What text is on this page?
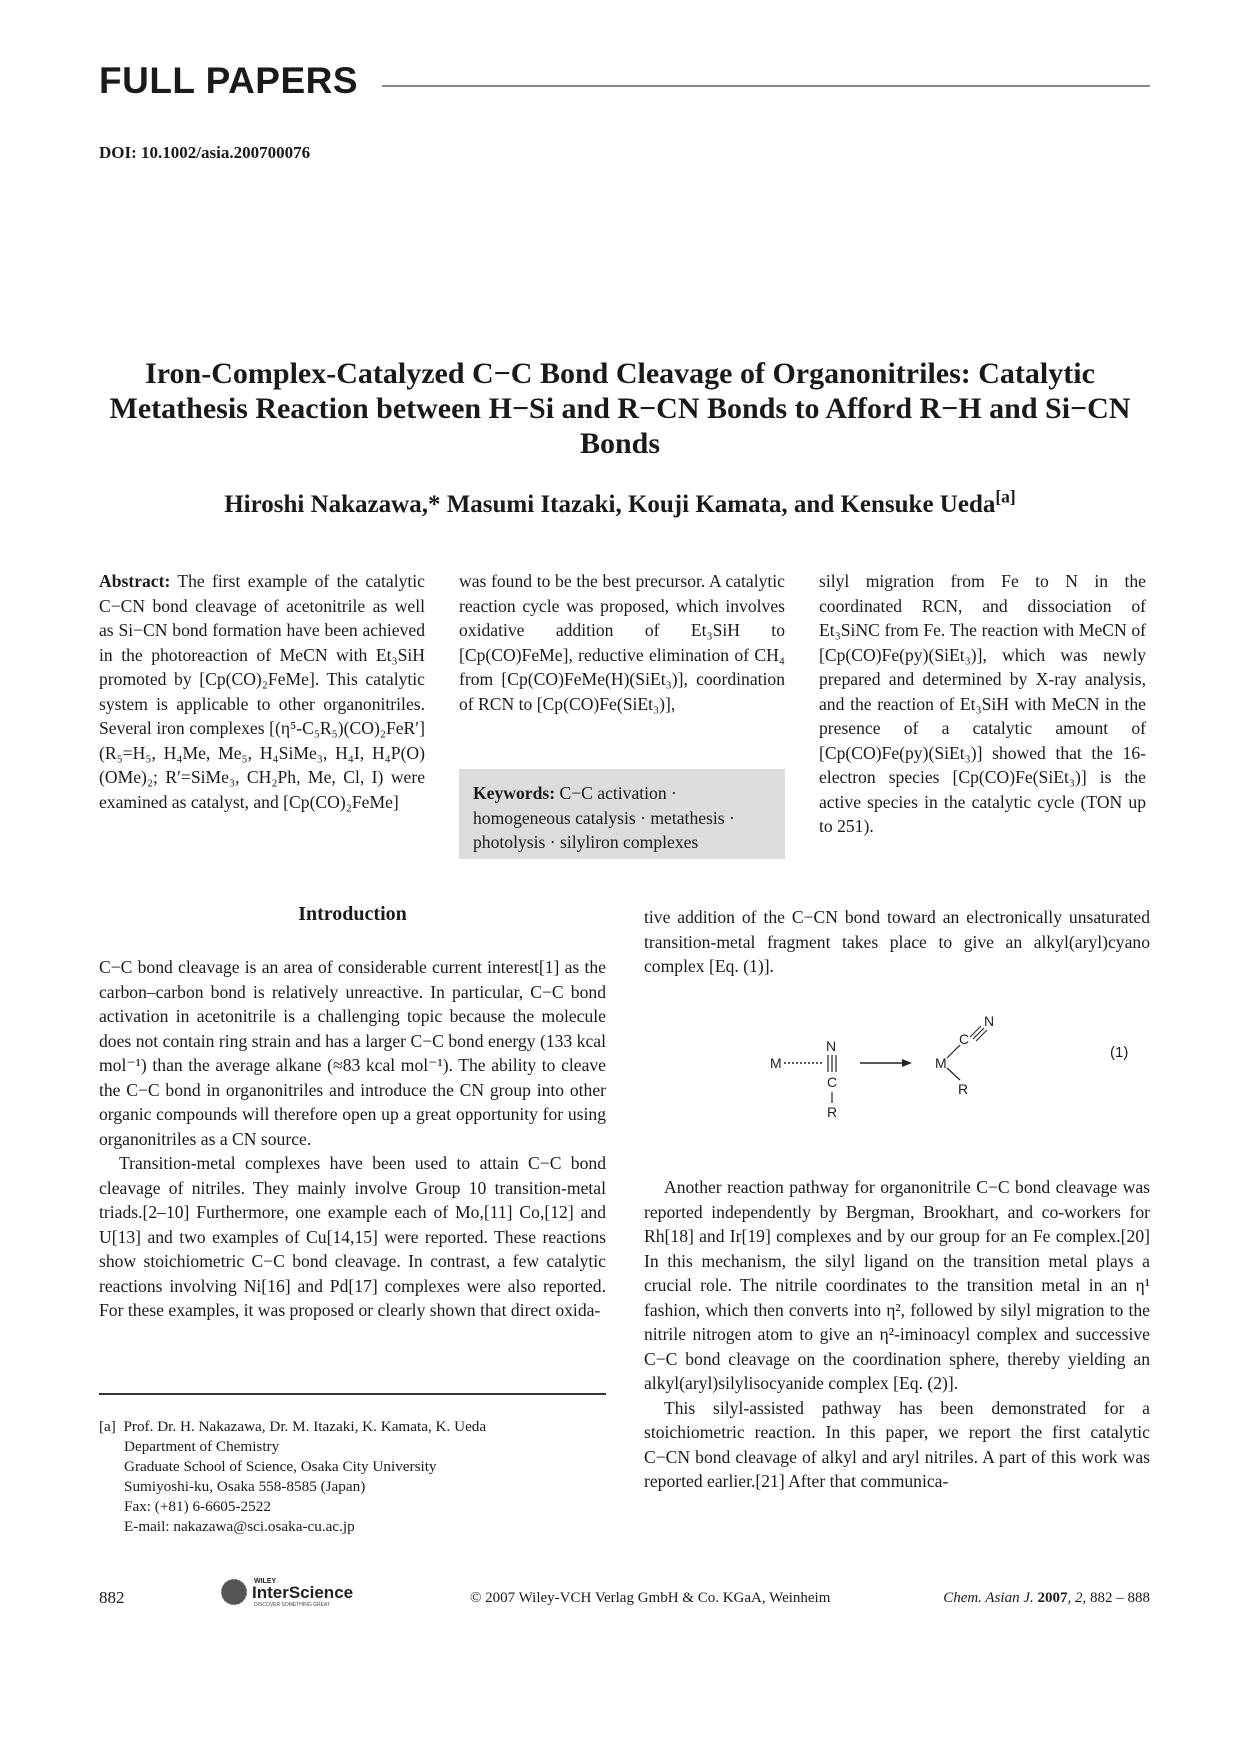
FULL PAPERS
DOI: 10.1002/asia.200700076
Iron-Complex-Catalyzed C−C Bond Cleavage of Organonitriles: Catalytic Metathesis Reaction between H−Si and R−CN Bonds to Afford R−H and Si−CN Bonds
Hiroshi Nakazawa,* Masumi Itazaki, Kouji Kamata, and Kensuke Ueda[a]

Abstract: The first example of the catalytic C−CN bond cleavage of acetonitrile as well as Si−CN bond formation have been achieved in the photoreaction of MeCN with Et₃SiH promoted by [Cp(CO)₂FeMe]. This catalytic system is applicable to other organonitriles. Several iron complexes [(η⁵-C₅R₅)(CO)₂FeR′] (R₅=H₅, H₄Me, Me₅, H₄SiMe₃, H₄I, H₄P(O)(OMe)₂; R′=SiMe₃, CH₂Ph, Me, Cl, I) were examined as catalyst, and [Cp(CO)₂FeMe]

was found to be the best precursor. A catalytic reaction cycle was proposed, which involves oxidative addition of Et₃SiH to [Cp(CO)FeMe], reductive elimination of CH₄ from [Cp(CO)FeMe(H)(SiEt₃)], coordination of RCN to [Cp(CO)Fe(SiEt₃)],

Keywords: C−C activation · homogeneous catalysis · metathesis · photolysis · silyliron complexes

silyl migration from Fe to N in the coordinated RCN, and dissociation of Et₃SiNC from Fe. The reaction with MeCN of [Cp(CO)Fe(py)(SiEt₃)], which was newly prepared and determined by X-ray analysis, and the reaction of Et₃SiH with MeCN in the presence of a catalytic amount of [Cp(CO)Fe(py)(SiEt₃)] showed that the 16-electron species [Cp(CO)Fe(SiEt₃)] is the active species in the catalytic cycle (TON up to 251).

Introduction

C−C bond cleavage is an area of considerable current interest[1] as the carbon–carbon bond is relatively unreactive. In particular, C−C bond activation in acetonitrile is a challenging topic because the molecule does not contain ring strain and has a larger C−C bond energy (133 kcal mol⁻¹) than the average alkane (≈83 kcal mol⁻¹). The ability to cleave the C−C bond in organonitriles and introduce the CN group into other organic compounds will therefore open up a great opportunity for using organonitriles as a CN source.

Transition-metal complexes have been used to attain C−C bond cleavage of nitriles. They mainly involve Group 10 transition-metal triads.[2–10] Furthermore, one example each of Mo,[11] Co,[12] and U[13] and two examples of Cu[14,15] were reported. These reactions show stoichiometric C−C bond cleavage. In contrast, a few catalytic reactions involving Ni[16] and Pd[17] complexes were also reported. For these examples, it was proposed or clearly shown that direct oxida-

tive addition of the C−CN bond toward an electronically unsaturated transition-metal fragment takes place to give an alkyl(aryl)cyano complex [Eq. (1)].

M
N
C
R
M
C
N
R
(1)

Another reaction pathway for organonitrile C−C bond cleavage was reported independently by Bergman, Brookhart, and co-workers for Rh[18] and Ir[19] complexes and by our group for an Fe complex.[20] In this mechanism, the silyl ligand on the transition metal plays a crucial role. The nitrile coordinates to the transition metal in an η¹ fashion, which then converts into η², followed by silyl migration to the nitrile nitrogen atom to give an η²-iminoacyl complex and successive C−C bond cleavage on the coordination sphere, thereby yielding an alkyl(aryl)silylisocyanide complex [Eq. (2)].

This silyl-assisted pathway has been demonstrated for a stoichiometric reaction. In this paper, we report the first catalytic C−CN bond cleavage of alkyl and aryl nitriles. A part of this work was reported earlier.[21] After that communica-

[a] Prof. Dr. H. Nakazawa, Dr. M. Itazaki, K. Kamata, K. Ueda
Department of Chemistry
Graduate School of Science, Osaka City University
Sumiyoshi-ku, Osaka 558-8585 (Japan)
Fax: (+81) 6-6605-2522
E-mail: nakazawa@sci.osaka-cu.ac.jp
882
WILEY
InterScience
DISCOVER SOMETHING GREAT	© 2007 Wiley-VCH Verlag GmbH & Co. KGaA, Weinheim	Chem. Asian J. 2007, 2, 882 – 888
